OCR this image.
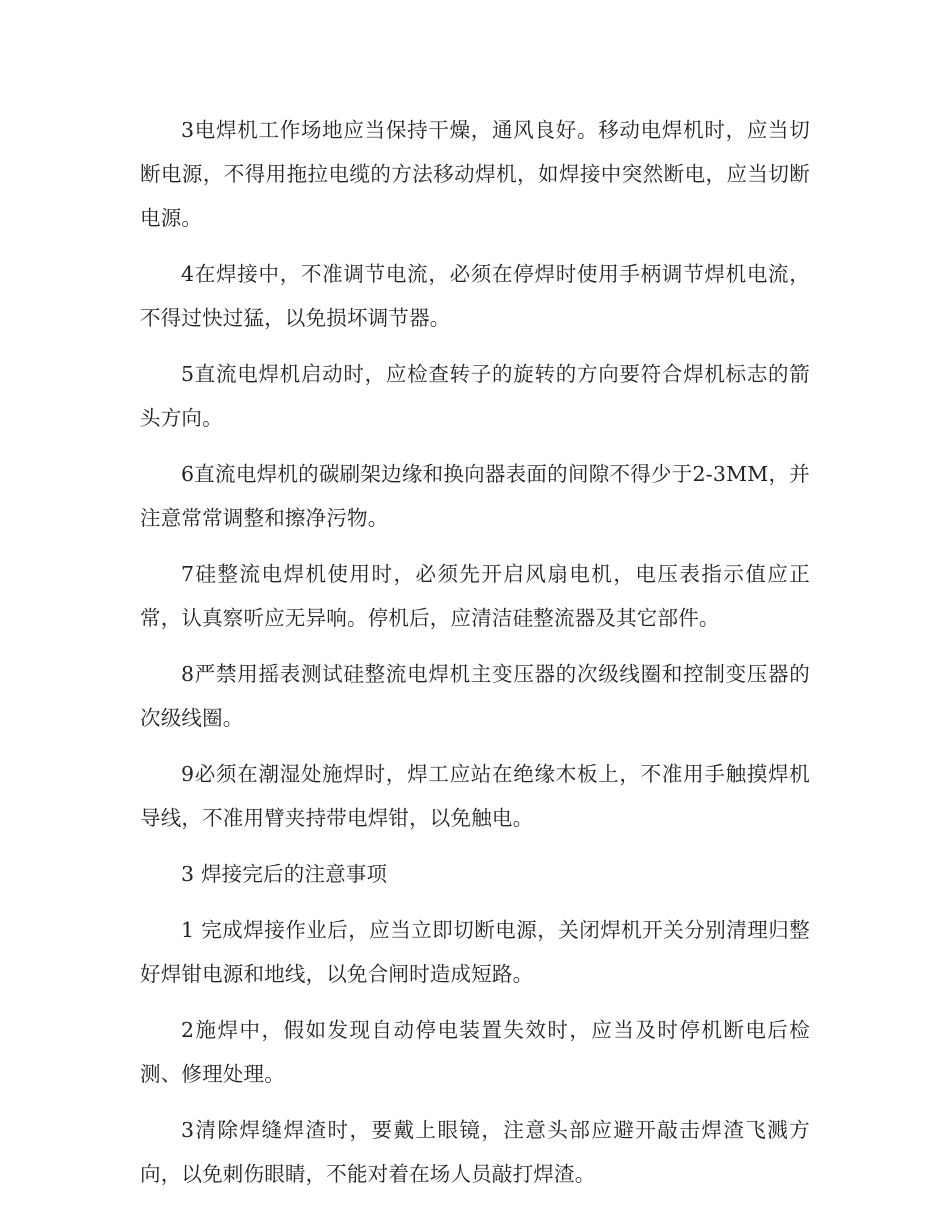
3电焊机工作场地应当保持干燥，通风良好。移动电焊机时，应当切断电源，不得用拖拉电缆的方法移动焊机，如焊接中突然断电，应当切断电源。

4在焊接中，不准调节电流，必须在停焊时使用手柄调节焊机电流，不得过快过猛，以免损坏调节器。

5直流电焊机启动时，应检查转子的旋转的方向要符合焊机标志的箭头方向。

6直流电焊机的碳刷架边缘和换向器表面的间隙不得少于2-3MM，并注意常常调整和擦净污物。

7硅整流电焊机使用时，必须先开启风扇电机，电压表指示值应正常，认真察听应无异响。停机后，应清洁硅整流器及其它部件。

8严禁用摇表测试硅整流电焊机主变压器的次级线圈和控制变压器的次级线圈。

9必须在潮湿处施焊时，焊工应站在绝缘木板上，不准用手触摸焊机导线，不准用臂夹持带电焊钳，以免触电。

3 焊接完后的注意事项

1 完成焊接作业后，应当立即切断电源，关闭焊机开关分别清理归整好焊钳电源和地线，以免合闸时造成短路。

2施焊中，假如发现自动停电装置失效时，应当及时停机断电后检测、修理处理。

3清除焊缝焊渣时，要戴上眼镜，注意头部应避开敲击焊渣飞溅方向，以免刺伤眼睛，不能对着在场人员敲打焊渣。
